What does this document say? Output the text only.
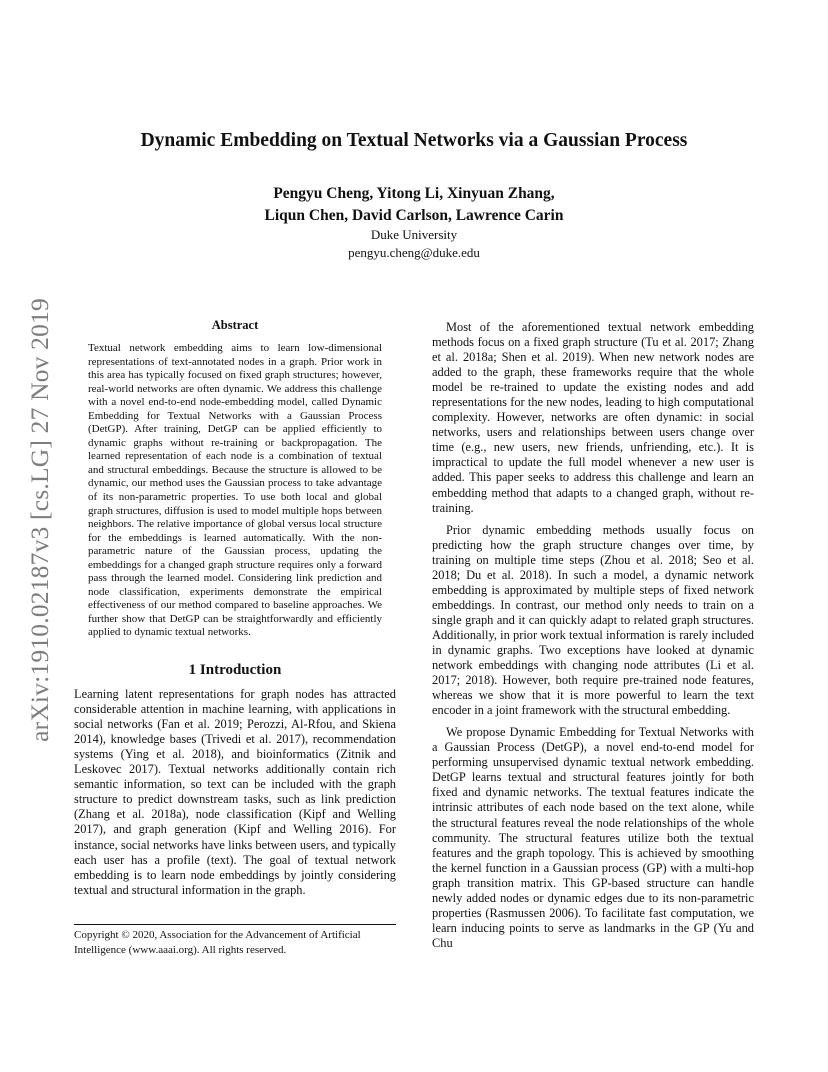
arXiv:1910.02187v3 [cs.LG] 27 Nov 2019
Dynamic Embedding on Textual Networks via a Gaussian Process
Pengyu Cheng, Yitong Li, Xinyuan Zhang,
Liqun Chen, David Carlson, Lawrence Carin
Duke University
pengyu.cheng@duke.edu
Abstract

Textual network embedding aims to learn low-dimensional representations of text-annotated nodes in a graph. Prior work in this area has typically focused on fixed graph structures; however, real-world networks are often dynamic. We address this challenge with a novel end-to-end node-embedding model, called Dynamic Embedding for Textual Networks with a Gaussian Process (DetGP). After training, DetGP can be applied efficiently to dynamic graphs without re-training or backpropagation. The learned representation of each node is a combination of textual and structural embeddings. Because the structure is allowed to be dynamic, our method uses the Gaussian process to take advantage of its non-parametric properties. To use both local and global graph structures, diffusion is used to model multiple hops between neighbors. The relative importance of global versus local structure for the embeddings is learned automatically. With the non-parametric nature of the Gaussian process, updating the embeddings for a changed graph structure requires only a forward pass through the learned model. Considering link prediction and node classification, experiments demonstrate the empirical effectiveness of our method compared to baseline approaches. We further show that DetGP can be straightforwardly and efficiently applied to dynamic textual networks.

1 Introduction

Learning latent representations for graph nodes has attracted considerable attention in machine learning, with applications in social networks (Fan et al. 2019; Perozzi, Al-Rfou, and Skiena 2014), knowledge bases (Trivedi et al. 2017), recommendation systems (Ying et al. 2018), and bioinformatics (Zitnik and Leskovec 2017). Textual networks additionally contain rich semantic information, so text can be included with the graph structure to predict downstream tasks, such as link prediction (Zhang et al. 2018a), node classification (Kipf and Welling 2017), and graph generation (Kipf and Welling 2016). For instance, social networks have links between users, and typically each user has a profile (text). The goal of textual network embedding is to learn node embeddings by jointly considering textual and structural information in the graph.

Copyright © 2020, Association for the Advancement of Artificial Intelligence (www.aaai.org). All rights reserved.

Most of the aforementioned textual network embedding methods focus on a fixed graph structure (Tu et al. 2017; Zhang et al. 2018a; Shen et al. 2019). When new network nodes are added to the graph, these frameworks require that the whole model be re-trained to update the existing nodes and add representations for the new nodes, leading to high computational complexity. However, networks are often dynamic: in social networks, users and relationships between users change over time (e.g., new users, new friends, unfriending, etc.). It is impractical to update the full model whenever a new user is added. This paper seeks to address this challenge and learn an embedding method that adapts to a changed graph, without re-training.

Prior dynamic embedding methods usually focus on predicting how the graph structure changes over time, by training on multiple time steps (Zhou et al. 2018; Seo et al. 2018; Du et al. 2018). In such a model, a dynamic network embedding is approximated by multiple steps of fixed network embeddings. In contrast, our method only needs to train on a single graph and it can quickly adapt to related graph structures. Additionally, in prior work textual information is rarely included in dynamic graphs. Two exceptions have looked at dynamic network embeddings with changing node attributes (Li et al. 2017; 2018). However, both require pre-trained node features, whereas we show that it is more powerful to learn the text encoder in a joint framework with the structural embedding.

We propose Dynamic Embedding for Textual Networks with a Gaussian Process (DetGP), a novel end-to-end model for performing unsupervised dynamic textual network embedding. DetGP learns textual and structural features jointly for both fixed and dynamic networks. The textual features indicate the intrinsic attributes of each node based on the text alone, while the structural features reveal the node relationships of the whole community. The structural features utilize both the textual features and the graph topology. This is achieved by smoothing the kernel function in a Gaussian process (GP) with a multi-hop graph transition matrix. This GP-based structure can handle newly added nodes or dynamic edges due to its non-parametric properties (Rasmussen 2006). To facilitate fast computation, we learn inducing points to serve as landmarks in the GP (Yu and Chu
